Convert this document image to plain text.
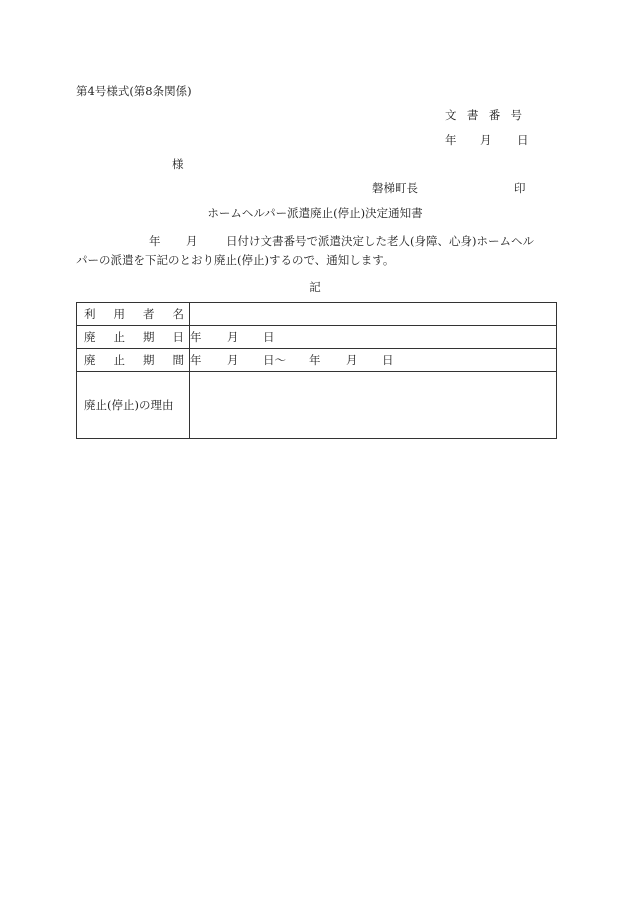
第4号様式(第8条関係)
文書番号
年 月 日
様
磐梯町長	印
ホームヘルパー派遣廃止(停止)決定通知書
年 月 日付け文書番号で派遣決定した老人(身障、心身)ホームヘル
パーの派遣を下記のとおり廃止(停止)するので、通知します。
記
利 用 者 名	

廃 止 期 日	年 月 日

廃 止 期 間	年 月 日〜 年 月 日
廃止(停止)の理由	
